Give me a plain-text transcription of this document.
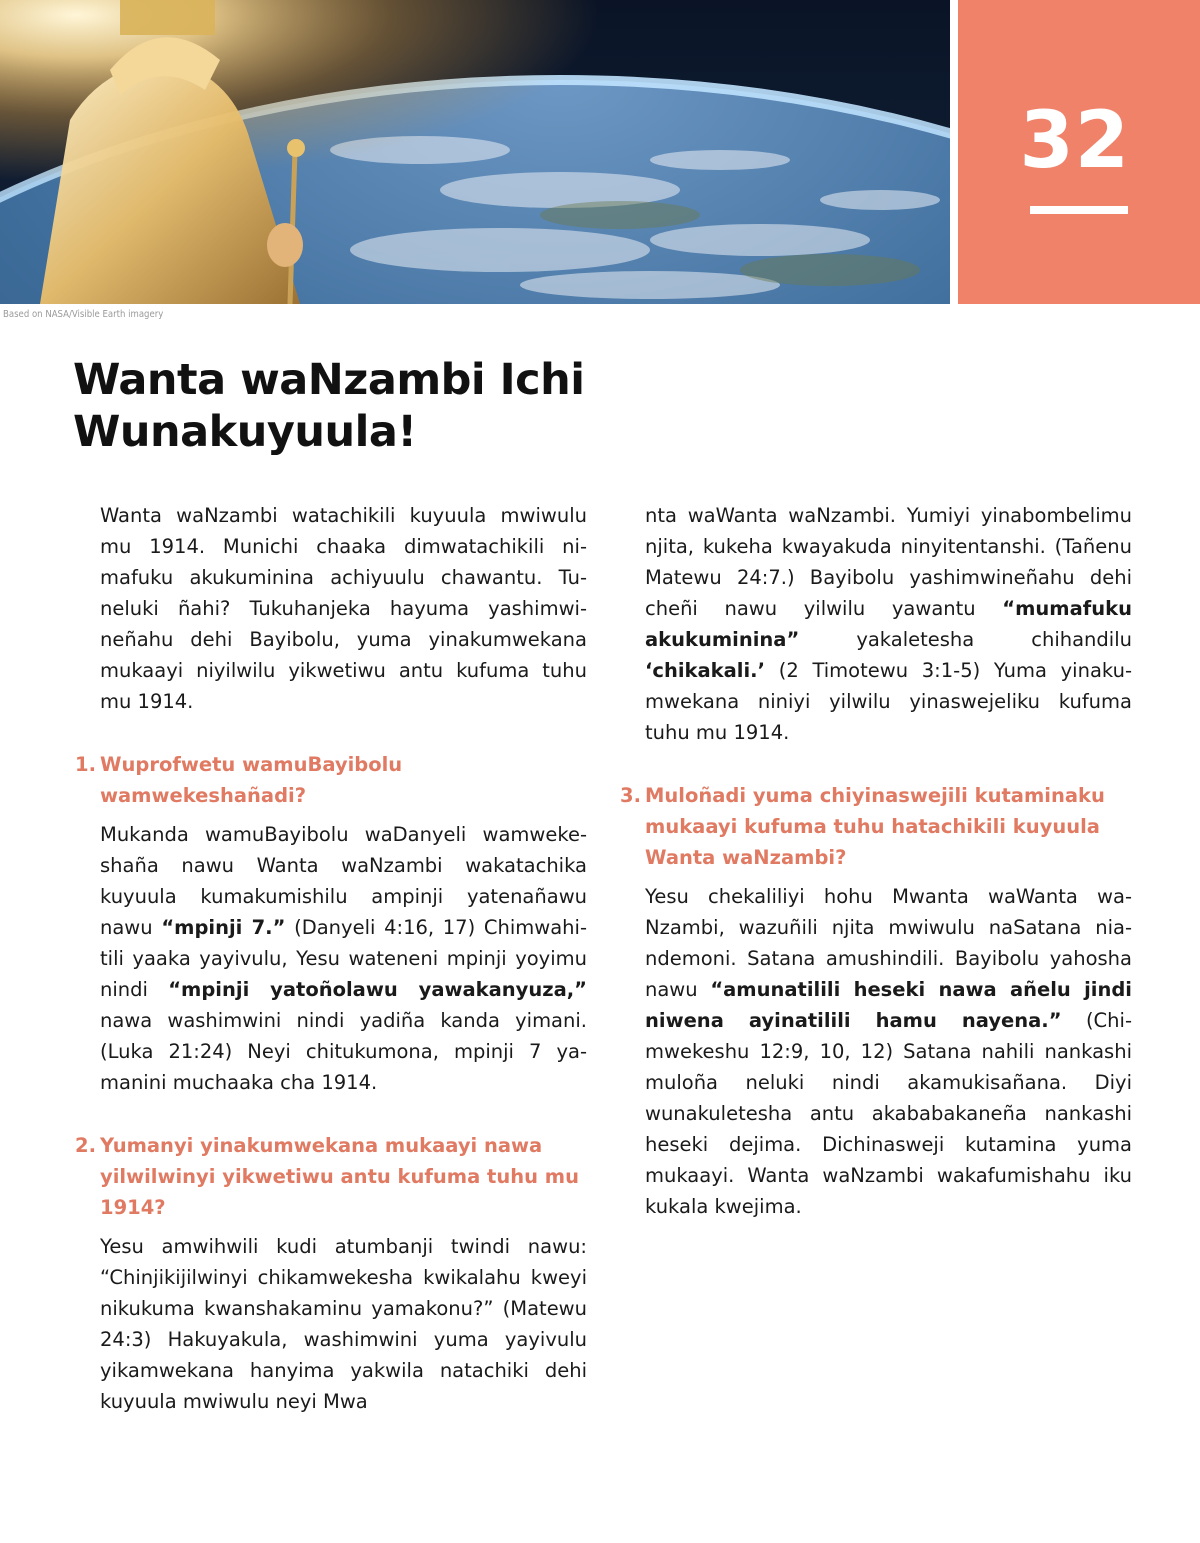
32
Based on NASA/Visible Earth imagery
Wanta waNzambi Ichi
Wunakuyuula!

Wanta waNzambi watachikili kuyuula mwiwulu mu 1914. Munichi chaaka dimwatachikili nimafuku akukuminina achiyuulu chawantu. Tuneluki ñahi? Tukuhanjeka hayuma yashimwineñahu dehi Bayibolu, yuma yinakumwekana mukaayi niyilwilu yikwetiwu antu kufuma tuhu mu 1914.

1. Wuprofwetu wamuBayibolu wamwekeshañadi?

Mukanda wamuBayibolu waDanyeli wamwekeshaña nawu Wanta waNzambi wakatachika kuyuula kumakumishilu ampinji yatenañawu nawu “mpinji 7.” (Danyeli 4:16, 17) Chimwahitili yaaka yayivulu, Yesu wateneni mpinji yoyimu nindi “mpinji yatoñolawu yawakanyuza,” nawa washimwini nindi yadiña kanda yimani. (Luka 21:24) Neyi chitukumona, mpinji 7 yamanini muchaaka cha 1914.

2. Yumanyi yinakumwekana mukaayi nawa yilwilwinyi yikwetiwu antu kufuma tuhu mu 1914?

Yesu amwihwili kudi atumbanji twindi nawu: “Chinjikijilwinyi chikamwekesha kwikalahu kweyi nikukuma kwanshakaminu yamakonu?” (Matewu 24:3) Hakuyakula, washimwini yuma yayivulu yikamwekana hanyima yakwila natachiki dehi kuyuula mwiwulu neyi Mwa

nta waWanta waNzambi. Yumiyi yinabombelimu njita, kukeha kwayakuda ninyitentanshi. (Tañenu Matewu 24:7.) Bayibolu yashimwineñahu dehi cheñi nawu yilwilu yawantu “mumafuku akukuminina” yakaletesha chihandilu ‘chikakali.’ (2 Timotewu 3:1-5) Yuma yinakumwekana niniyi yilwilu yinaswejeliku kufuma tuhu mu 1914.

3. Muloñadi yuma chiyinaswejili kutaminaku mukaayi kufuma tuhu hatachikili kuyuula Wanta waNzambi?

Yesu chekaliliyi hohu Mwanta waWanta waNzambi, wazuñili njita mwiwulu naSatana niandemoni. Satana amushindili. Bayibolu yahosha nawu “amunatilili heseki nawa añelu jindi niwena ayinatilili hamu nayena.” (Chimwekeshu 12:9, 10, 12) Satana nahili nankashi muloña neluki nindi akamukisañana. Diyi wunakuletesha antu akababakaneña nankashi heseki dejima. Dichinasweji kutamina yuma mukaayi. Wanta waNzambi wakafumishahu iku kukala kwejima.
